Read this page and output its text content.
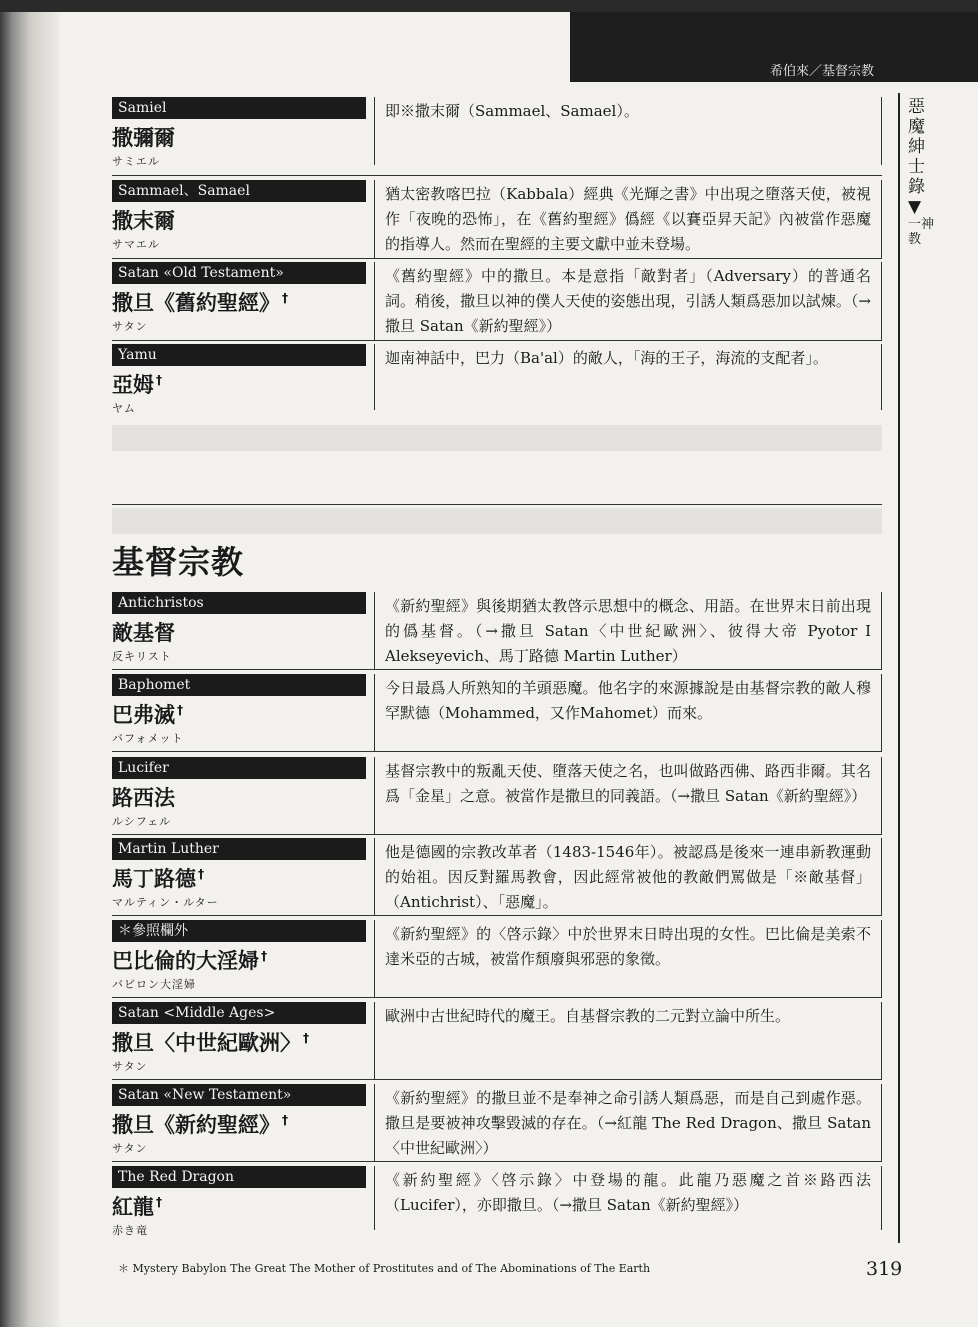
希伯來／基督宗教
惡魔紳士錄 ▼
一神教
Samiel
撒彌爾
サミエル
即※撒末爾（Sammael、Samael）。
Sammael、Samael
撒末爾
サマエル
猶太密教喀巴拉（Kabbala）經典《光輝之書》中出現之墮落天使，被視作「夜晚的恐怖」，在《舊約聖經》僞經《以賽亞昇天記》內被當作惡魔的指導人。然而在聖經的主要文獻中並未登場。
Satan «Old Testament»
撒旦《舊約聖經》 †
サタン
《舊約聖經》中的撒旦。本是意指「敵對者」（Adversary）的普通名詞。稍後，撒旦以神的僕人天使的姿態出現，引誘人類爲惡加以試煉。（→撒旦 Satan《新約聖經》）
Yamu
亞姆 †
ヤム
迦南神話中，巴力（Ba'al）的敵人，「海的王子，海流的支配者」。
基督宗教
Antichristos
敵基督
反キリスト
《新約聖經》與後期猶太教啓示思想中的概念、用語。在世界末日前出現的僞基督。（→撒旦 Satan〈中世紀歐洲〉、彼得大帝 Pyotor I Alekseyevich、馬丁路德 Martin Luther）
Baphomet
巴弗滅 †
バフォメット
今日最爲人所熟知的羊頭惡魔。他名字的來源據說是由基督宗教的敵人穆罕默德（Mohammed，又作Mahomet）而來。
Lucifer
路西法
ルシフェル
基督宗教中的叛亂天使、墮落天使之名，也叫做路西佛、路西非爾。其名爲「金星」之意。被當作是撒旦的同義語。（→撒旦 Satan《新約聖經》）
Martin Luther
馬丁路德 †
マルティン・ルター
他是德國的宗教改革者（1483-1546年）。被認爲是後來一連串新教運動的始祖。因反對羅馬教會，因此經常被他的教敵們罵做是「※敵基督」（Antichrist）、「惡魔」。
＊參照欄外
巴比倫的大淫婦 †
バビロン大淫婦
《新約聖經》的〈啓示錄〉中於世界末日時出現的女性。巴比倫是美索不達米亞的古城，被當作頹廢與邪惡的象徵。
Satan <Middle Ages>
撒旦〈中世紀歐洲〉 †
サタン
歐洲中古世紀時代的魔王。自基督宗教的二元對立論中所生。
Satan «New Testament»
撒旦《新約聖經》 †
サタン
《新約聖經》的撒旦並不是奉神之命引誘人類爲惡，而是自己到處作惡。撒旦是要被神攻擊毀滅的存在。（→紅龍 The Red Dragon、撒旦 Satan〈中世紀歐洲〉）
The Red Dragon
紅龍 †
赤き竜
《新約聖經》〈啓示錄〉中登場的龍。此龍乃惡魔之首※路西法（Lucifer），亦即撒旦。（→撒旦 Satan《新約聖經》）
＊ Mystery Babylon The Great The Mother of Prostitutes and of The Abominations of The Earth	319
